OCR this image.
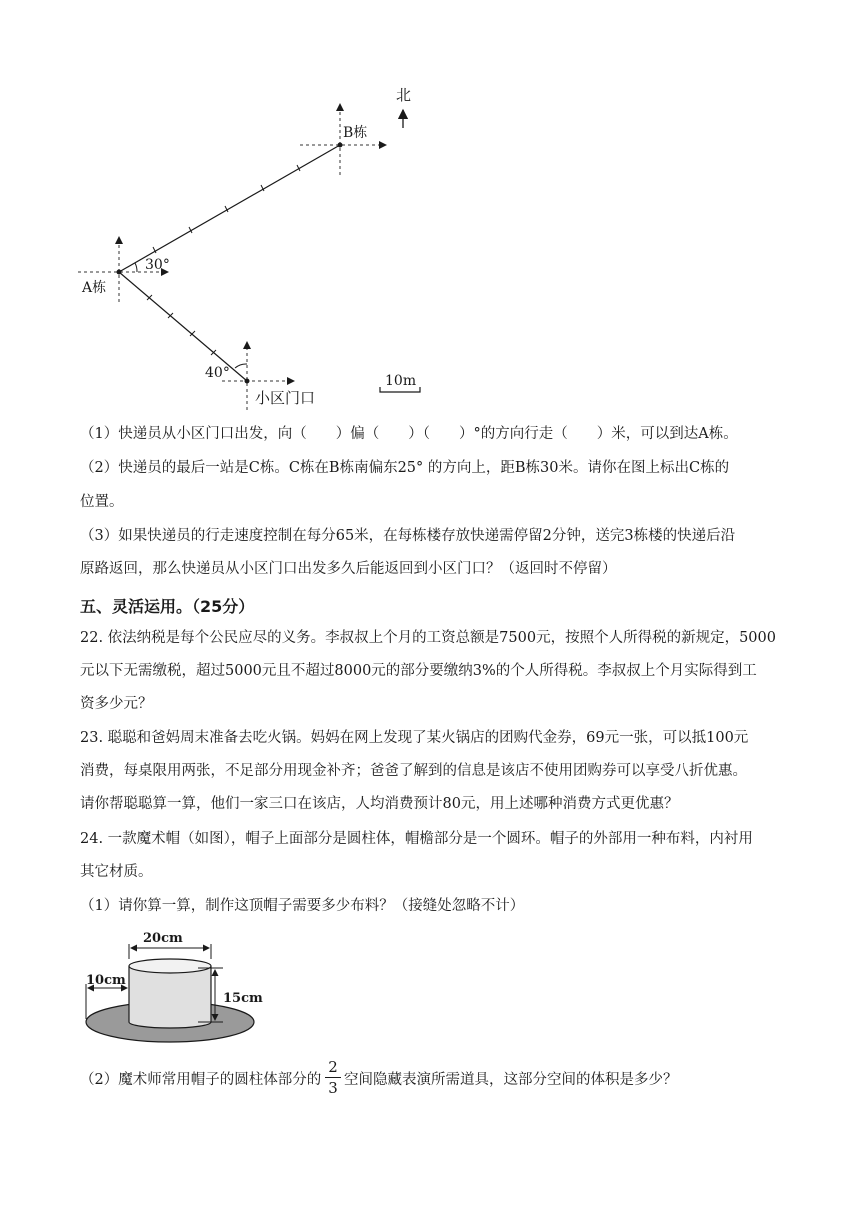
北
B栋
A栋
30°
小区门口
40°	10m
（1）快递员从小区门口出发，向（　　）偏（　　）（　　）°的方向行走（　　）米，可以到达A栋。
（2）快递员的最后一站是C栋。C栋在B栋南偏东25° 的方向上，距B栋30米。请你在图上标出C栋的
位置。
（3）如果快递员的行走速度控制在每分65米，在每栋楼存放快递需停留2分钟，送完3栋楼的快递后沿
原路返回，那么快递员从小区门口出发多久后能返回到小区门口？（返回时不停留）
五、灵活运用。（25分）
22. 依法纳税是每个公民应尽的义务。李叔叔上个月的工资总额是7500元，按照个人所得税的新规定，5000
元以下无需缴税，超过5000元且不超过8000元的部分要缴纳3%的个人所得税。李叔叔上个月实际得到工
资多少元？
23. 聪聪和爸妈周末准备去吃火锅。妈妈在网上发现了某火锅店的团购代金券，69元一张，可以抵100元
消费，每桌限用两张，不足部分用现金补齐；爸爸了解到的信息是该店不使用团购券可以享受八折优惠。
请你帮聪聪算一算，他们一家三口在该店，人均消费预计80元，用上述哪种消费方式更优惠？
24. 一款魔术帽（如图），帽子上面部分是圆柱体，帽檐部分是一个圆环。帽子的外部用一种布料，内衬用
其它材质。
（1）请你算一算，制作这顶帽子需要多少布料？（接缝处忽略不计）
20cm
10cm
15cm
（2）魔术师常用帽子的圆柱体部分的
2
3 空间隐藏表演所需道具，这部分空间的体积是多少？
